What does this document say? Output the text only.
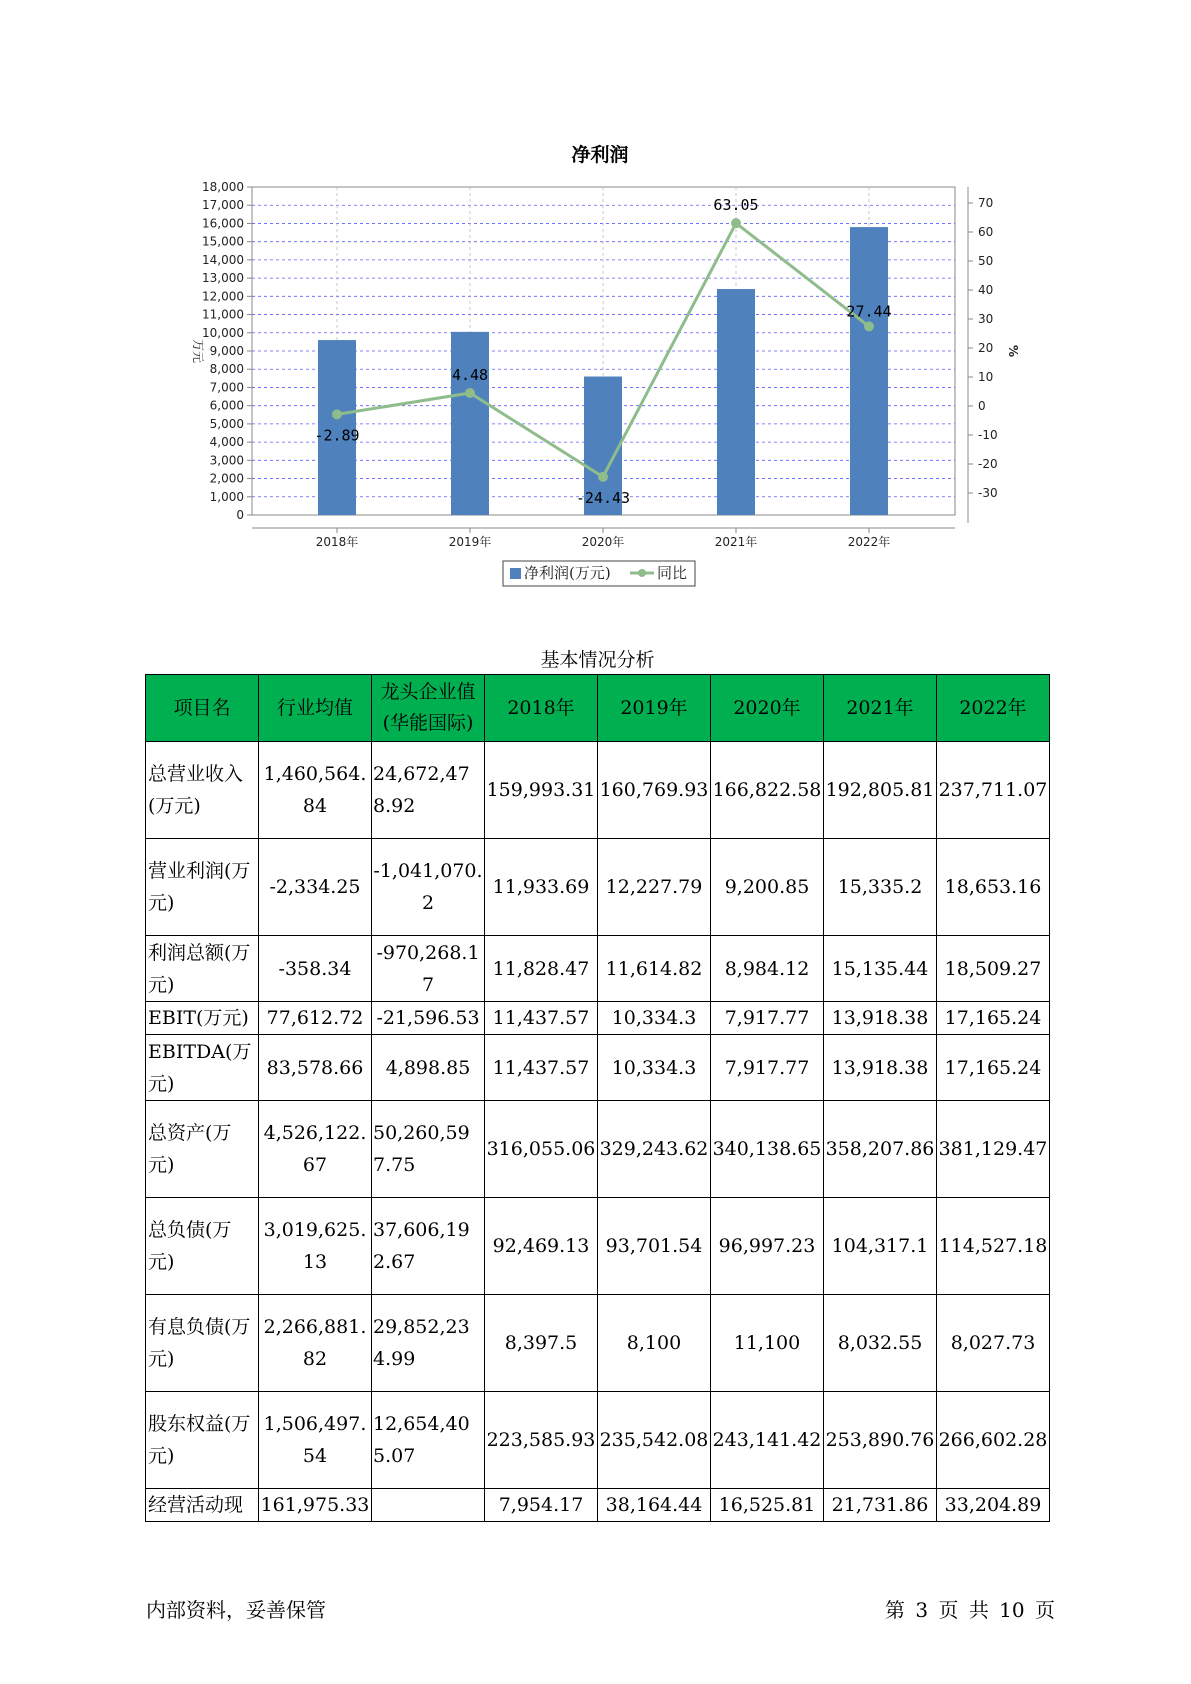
净利润
0
1,000
2,000
3,000
4,000
5,000
6,000
7,000
8,000
9,000
10,000
11,000
12,000
13,000
14,000
15,000
16,000
17,000
18,000
万元
-30
-20
-10
0
10
20
30
40
50
60
70
%
2018年	2019年	2020年	2021年	2022年
-2.89
4.48
-24.43
63.05
27.44
净利润(万元)	同比
基本情况分析
项目名	行业均值	龙头企业值(华能国际)	2018年	2019年	2020年	2021年	2022年
总营业收入(万元)	1,460,564.84	24,672,478.92	159,993.31	160,769.93	166,822.58	192,805.81	237,711.07
营业利润(万元)	-2,334.25	-1,041,070.2	11,933.69	12,227.79	9,200.85	15,335.2	18,653.16
利润总额(万元)	-358.34	-970,268.17	11,828.47	11,614.82	8,984.12	15,135.44	18,509.27
EBIT(万元)	77,612.72	-21,596.53	11,437.57	10,334.3	7,917.77	13,918.38	17,165.24
EBITDA(万元)	83,578.66	4,898.85	11,437.57	10,334.3	7,917.77	13,918.38	17,165.24
总资产(万元)	4,526,122.67	50,260,597.75	316,055.06	329,243.62	340,138.65	358,207.86	381,129.47
总负债(万元)	3,019,625.13	37,606,192.67	92,469.13	93,701.54	96,997.23	104,317.1	114,527.18
有息负债(万元)	2,266,881.82	29,852,234.99	8,397.5	8,100	11,100	8,032.55	8,027.73
股东权益(万元)	1,506,497.54	12,654,405.07	223,585.93	235,542.08	243,141.42	253,890.76	266,602.28
经营活动现	161,975.33		7,954.17	38,164.44	16,525.81	21,731.86	33,204.89
内部资料，妥善保管	第 3 页 共 10 页
